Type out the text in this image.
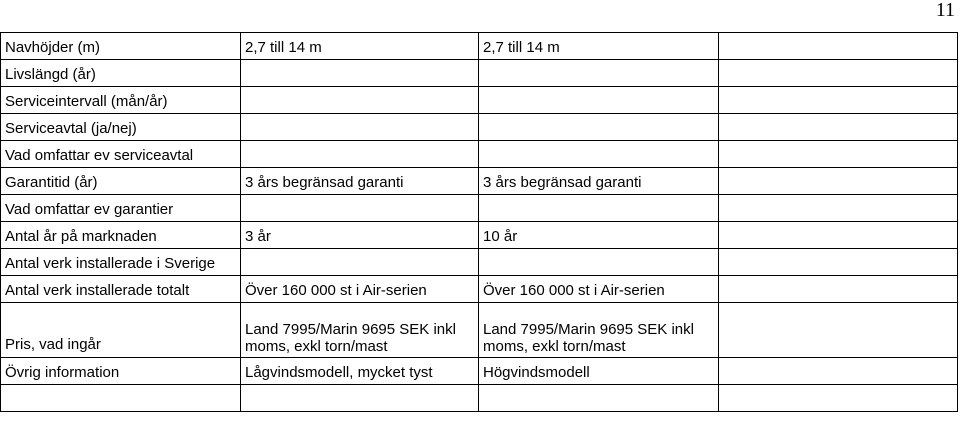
11
Navhöjder (m)	2,7 till 14 m	2,7 till 14 m	
Livslängd (år)			
Serviceintervall (mån/år)			
Serviceavtal (ja/nej)			
Vad omfattar ev serviceavtal			
Garantitid (år)	3 års begränsad garanti	3 års begränsad garanti	
Vad omfattar ev garantier			
Antal år på marknaden	3 år	10 år	
Antal verk installerade i Sverige			
Antal verk installerade totalt	Över 160 000 st i Air-serien	Över 160 000 st i Air-serien	
Pris, vad ingår	Land 7995/Marin 9695 SEK inkl moms, exkl torn/mast	Land 7995/Marin 9695 SEK inkl moms, exkl torn/mast	
Övrig information	Lågvindsmodell, mycket tyst	Högvindsmodell	
